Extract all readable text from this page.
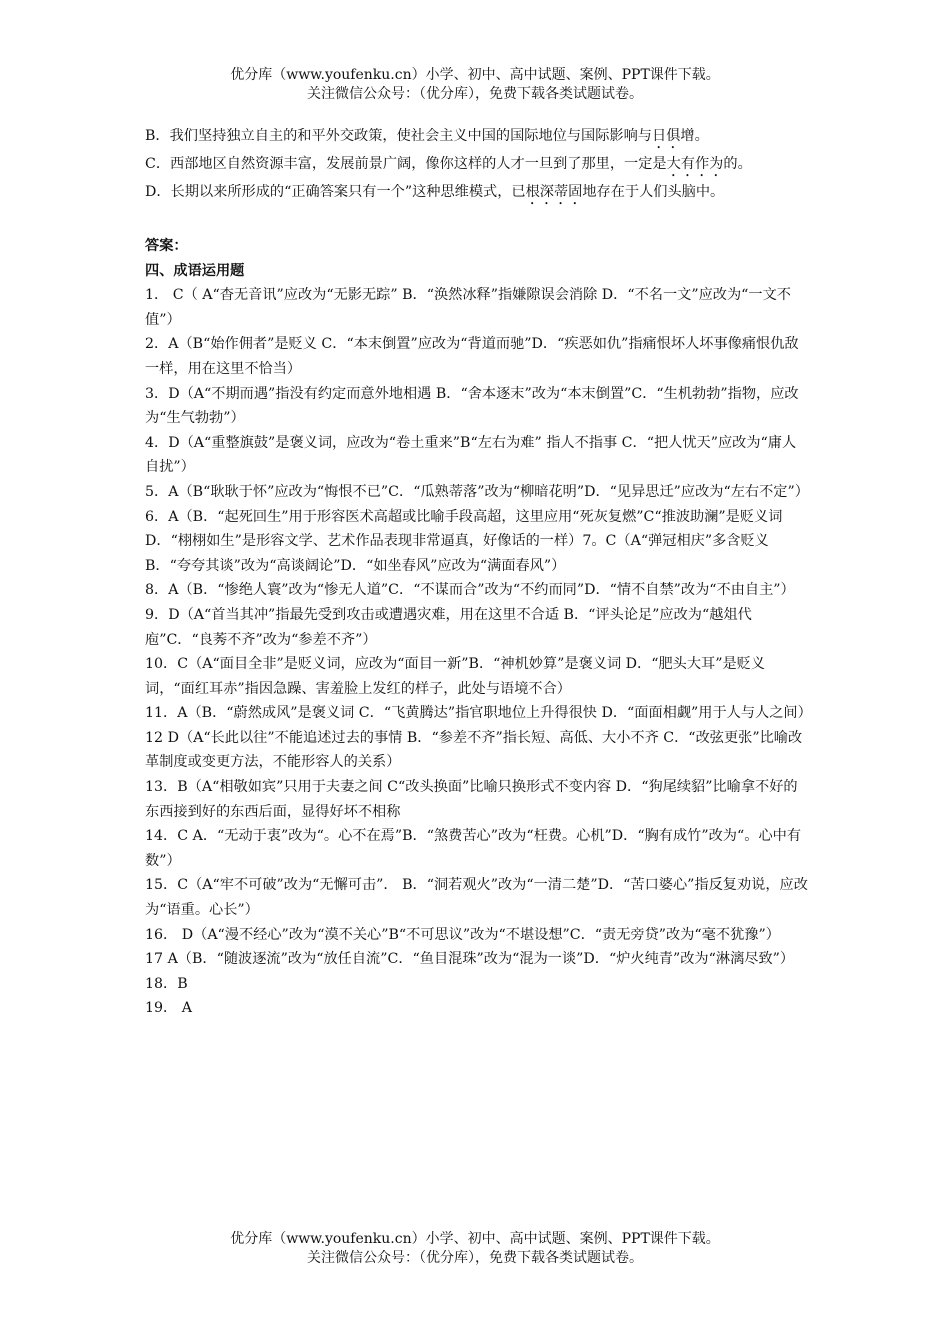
优分库（www.youfenku.cn）小学、初中、高中试题、案例、PPT课件下载。
关注微信公众号：（优分库），免费下载各类试题试卷。

B．我们坚持独立自主的和平外交政策，使社会主义中国的国际地位与国际影响与日俱增。

C．西部地区自然资源丰富，发展前景广阔，像你这样的人才一旦到了那里，一定是大有作为的。

D．长期以来所形成的“正确答案只有一个”这种思维模式，已根深蒂固地存在于人们头脑中。

答案：

四、成语运用题

1． C（ A“杳无音讯”应改为“无影无踪” B．“涣然冰释”指嫌隙误会消除 D．“不名一文”应改为“一文不值”）

2．A（B“始作佣者”是贬义 C．“本末倒置”应改为“背道而驰”D．“疾恶如仇”指痛恨坏人坏事像痛恨仇敌一样，用在这里不恰当）

3．D（A“不期而遇”指没有约定而意外地相遇 B．“舍本逐末”改为“本末倒置”C．“生机勃勃”指物，应改为“生气勃勃”）

4．D（A“重整旗鼓”是褒义词，应改为“卷土重来”B“左右为难” 指人不指事 C．“把人忧天”应改为“庸人自扰”）

5．A（B“耿耿于怀”应改为“悔恨不已”C．“瓜熟蒂落”改为“柳暗花明”D．“见异思迁”应改为“左右不定”）

6．A（B．“起死回生”用于形容医术高超或比喻手段高超，这里应用“死灰复燃”C“推波助澜”是贬义词 D．“栩栩如生”是形容文学、艺术作品表现非常逼真，好像话的一样）7。C（A“弹冠相庆”多含贬义 B．“夸夸其谈”改为“高谈阔论”D．“如坐春风”应改为“满面春风”）

8．A（B．“惨绝人寰”改为“惨无人道”C．“不谋而合”改为“不约而同”D．“情不自禁”改为“不由自主”）

9．D（A“首当其冲”指最先受到攻击或遭遇灾难，用在这里不合适 B．“评头论足”应改为“越俎代庖”C．“良莠不齐”改为“参差不齐”）

10．C（A“面目全非”是贬义词，应改为“面目一新”B．“神机妙算”是褒义词 D．“肥头大耳”是贬义词，“面红耳赤”指因急躁、害羞脸上发红的样子，此处与语境不合）

11．A（B．“蔚然成风”是褒义词 C．“飞黄腾达”指官职地位上升得很快 D．“面面相觑”用于人与人之间）

12 D（A“长此以往”不能追述过去的事情 B．“参差不齐”指长短、高低、大小不齐 C．“改弦更张”比喻改革制度或变更方法，不能形容人的关系）

13．B（A“相敬如宾”只用于夫妻之间 C“改头换面”比喻只换形式不变内容 D．“狗尾续貂”比喻拿不好的东西接到好的东西后面，显得好坏不相称

14．C A．“无动于衷”改为“。心不在焉”B．“煞费苦心”改为“枉费。心机”D．“胸有成竹”改为“。心中有数”）

15．C（A“牢不可破”改为“无懈可击”． B．“洞若观火”改为“一清二楚”D．“苦口婆心”指反复劝说，应改为“语重。心长”）

16． D（A“漫不经心”改为“漠不关心”B“不可思议”改为“不堪设想”C．“责无旁贷”改为“毫不犹豫”）

17 A（B．“随波逐流”改为“放任自流”C．“鱼目混珠”改为“混为一谈”D．“炉火纯青”改为“淋漓尽致”）

18．B

19． A

优分库（www.youfenku.cn）小学、初中、高中试题、案例、PPT课件下载。
关注微信公众号：（优分库），免费下载各类试题试卷。
